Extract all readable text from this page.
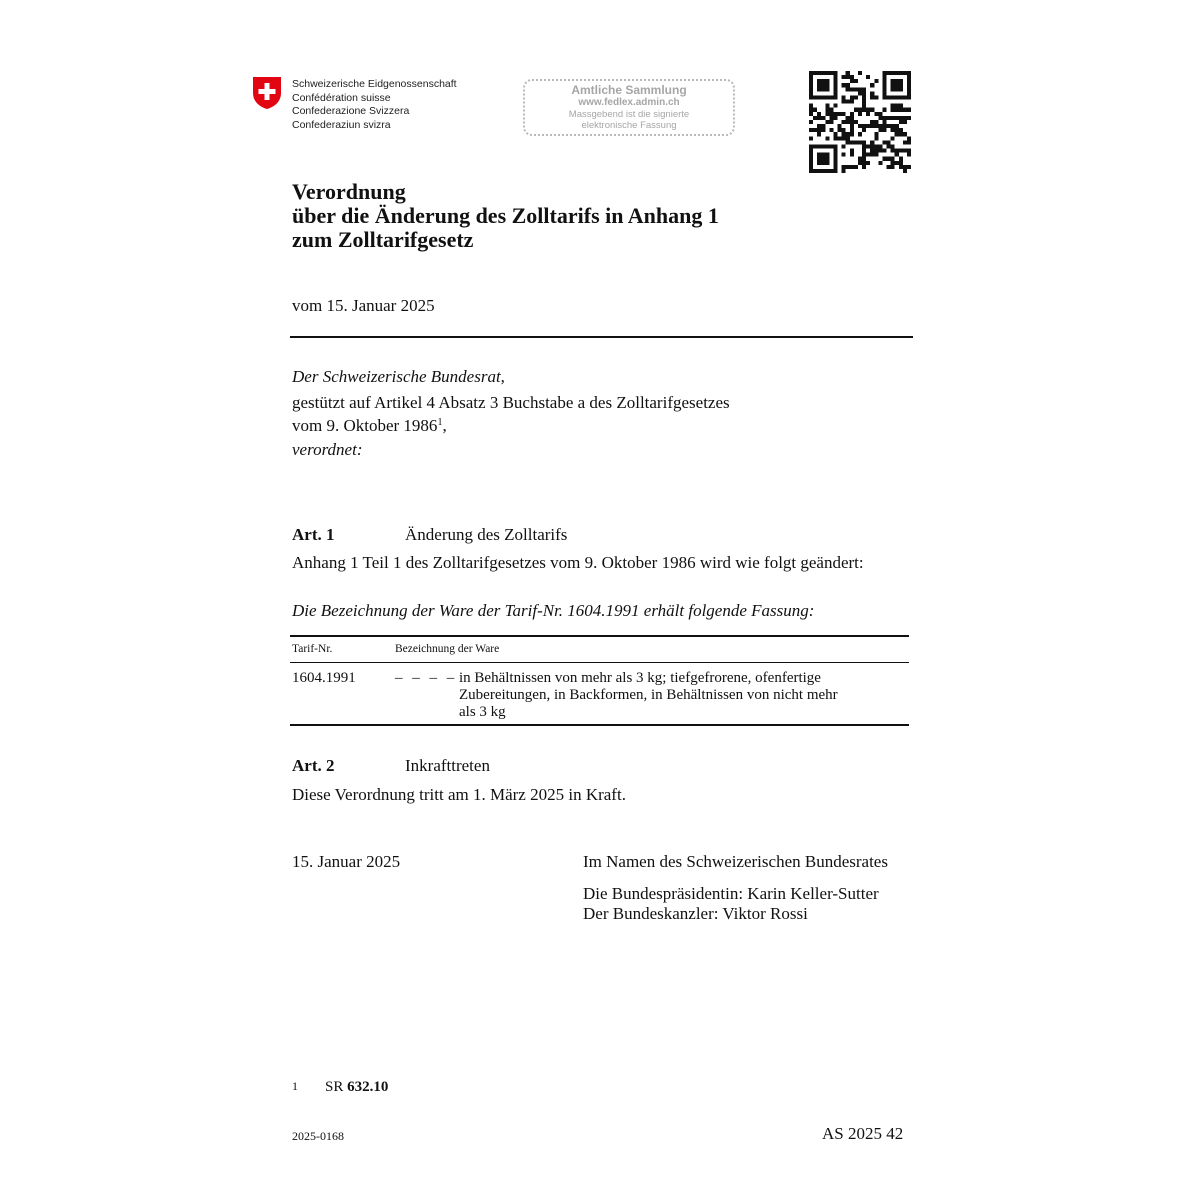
Schweizerische Eidgenossenschaft
Confédération suisse
Confederazione Svizzera
Confederaziun svizra
Amtliche Sammlung
www.fedlex.admin.ch
Massgebend ist die signierte
elektronische Fassung
Verordnung
über die Änderung des Zolltarifs in Anhang 1
zum Zolltarifgesetz
vom 15. Januar 2025
Der Schweizerische Bundesrat,
gestützt auf Artikel 4 Absatz 3 Buchstabe a des Zolltarifgesetzes
vom 9. Oktober 1986$^1$,
verordnet:
Art. 1	Änderung des Zolltarifs
Anhang 1 Teil 1 des Zolltarifgesetzes vom 9. Oktober 1986 wird wie folgt geändert:
Die Bezeichnung der Ware der Tarif-Nr. 1604.1991 erhält folgende Fassung:
Tarif-Nr.	Bezeichnung der Ware
1604.1991	– – – – in Behältnissen von mehr als 3 kg; tiefgefrorene, ofenfertige
Zubereitungen, in Backformen, in Behältnissen von nicht mehr
als 3 kg
Art. 2	Inkrafttreten
Diese Verordnung tritt am 1. März 2025 in Kraft.
15. Januar 2025	Im Namen des Schweizerischen Bundesrates
Die Bundespräsidentin: Karin Keller-Sutter
Der Bundeskanzler: Viktor Rossi
1 SR 632.10
2025-0168	AS 2025 42
